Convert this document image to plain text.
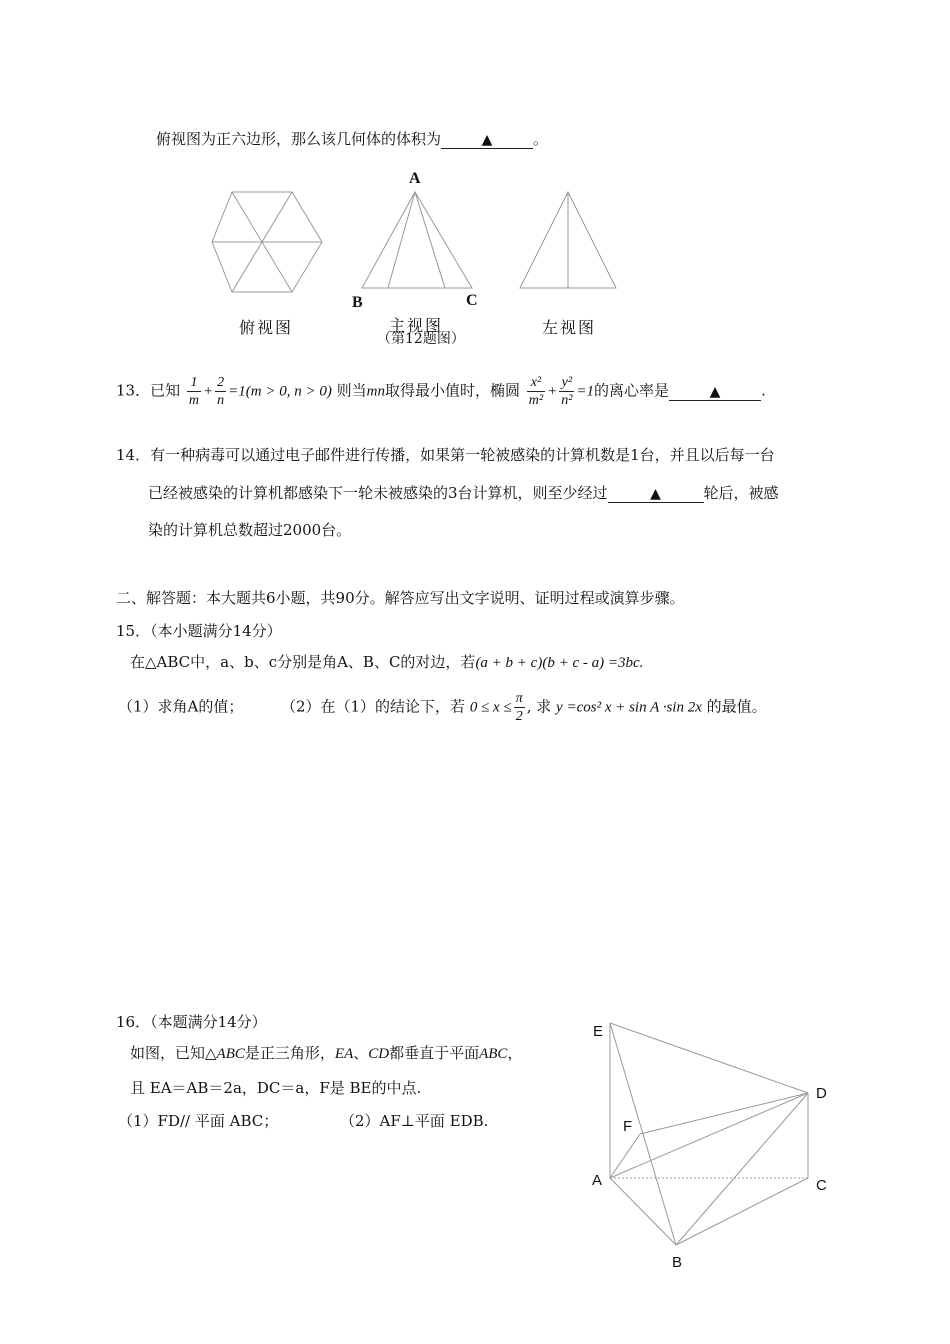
俯视图为正六边形，那么该几何体的体积为	▲	。
A
B	C
俯视图	主视图	左视图
（第12题图）
13．已知 $\frac{1}{m} + \frac{2}{n} =1(m > 0$, n > 0) 则当mn取得最小值时，椭圆 $\frac{\text{x²}}{\text{m²}} + \frac{\text{y²}}{\text{n²}} =1$的离心率是	▲	.
14．有一种病毒可以通过电子邮件进行传播，如果第一轮被感染的计算机数是1台，并且以后每一台
已经被感染的计算机都感染下一轮未被感染的3台计算机，则至少经过	▲	轮后，被感
染的计算机总数超过2000台。
二、解答题：本大题共6小题，共90分。解答应写出文字说明、证明过程或演算步骤。
15．（本小题满分14分）
在△ABC中，a、b、c分别是角A、B、C的对边，若(a + b + c)(b + c - a) =3bc.
（1）求角A的值；	（2）在（1）的结论下，若 $0 \le x \le \frac{\pi}{2}$ , 求 y =cos² x + sin A ·sin 2x 的最值。
16．（本题满分14分）
如图，已知△ABC是正三角形，EA、CD都垂直于平面ABC，
且 EA＝AB＝2a，DC＝a，F是 BE的中点.
（1）FD// 平面 ABC；	（2）AF⊥平面 EDB.
E
D
F
A	C
B
